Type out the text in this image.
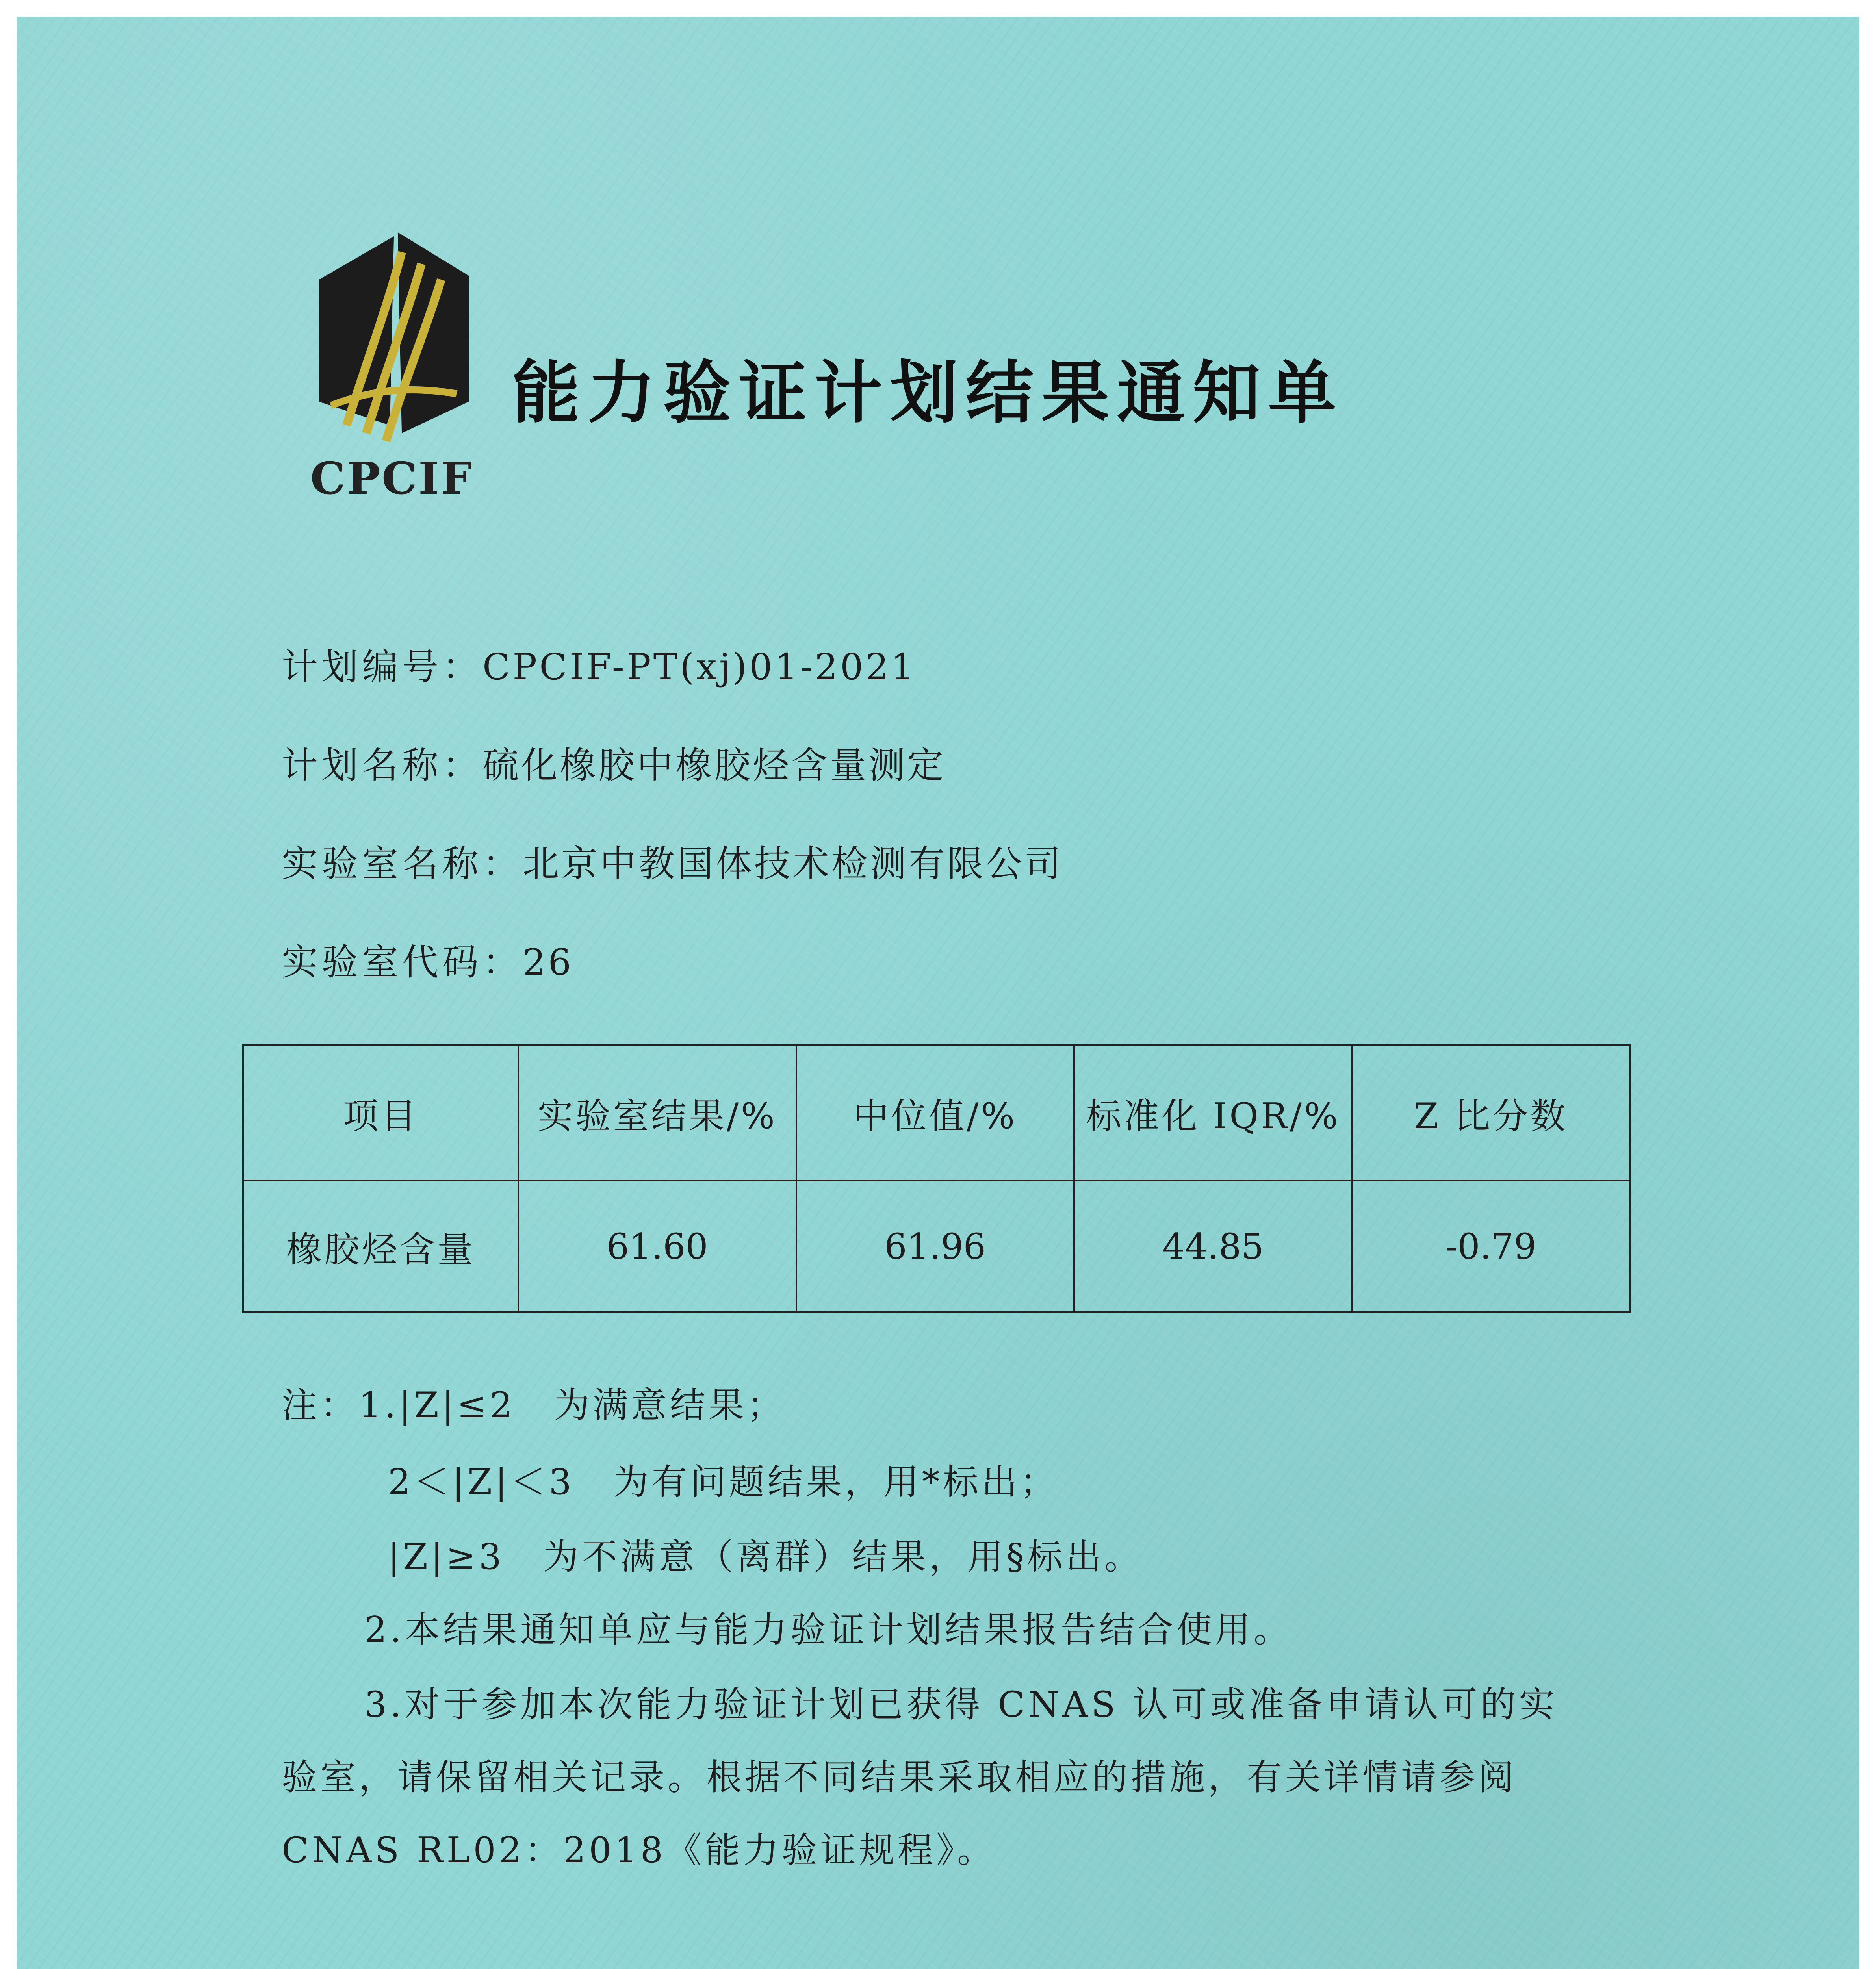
CPCIF
能力验证计划结果通知单
计划编号：CPCIF-PT(xj)01-2021
计划名称：硫化橡胶中橡胶烃含量测定
实验室名称：北京中教国体技术检测有限公司
实验室代码：26
项目	实验室结果/%	中位值/%	标准化 IQR/%	Z 比分数
橡胶烃含量	61.60	61.96	44.85	-0.79
注：1.|Z|≤2　为满意结果；
2＜|Z|＜3　为有问题结果，用*标出；
|Z|≥3　为不满意（离群）结果，用§标出。
2.本结果通知单应与能力验证计划结果报告结合使用。
3.对于参加本次能力验证计划已获得 CNAS 认可或准备申请认可的实
验室，请保留相关记录。根据不同结果采取相应的措施，有关详情请参阅
CNAS RL02：2018《能力验证规程》。
